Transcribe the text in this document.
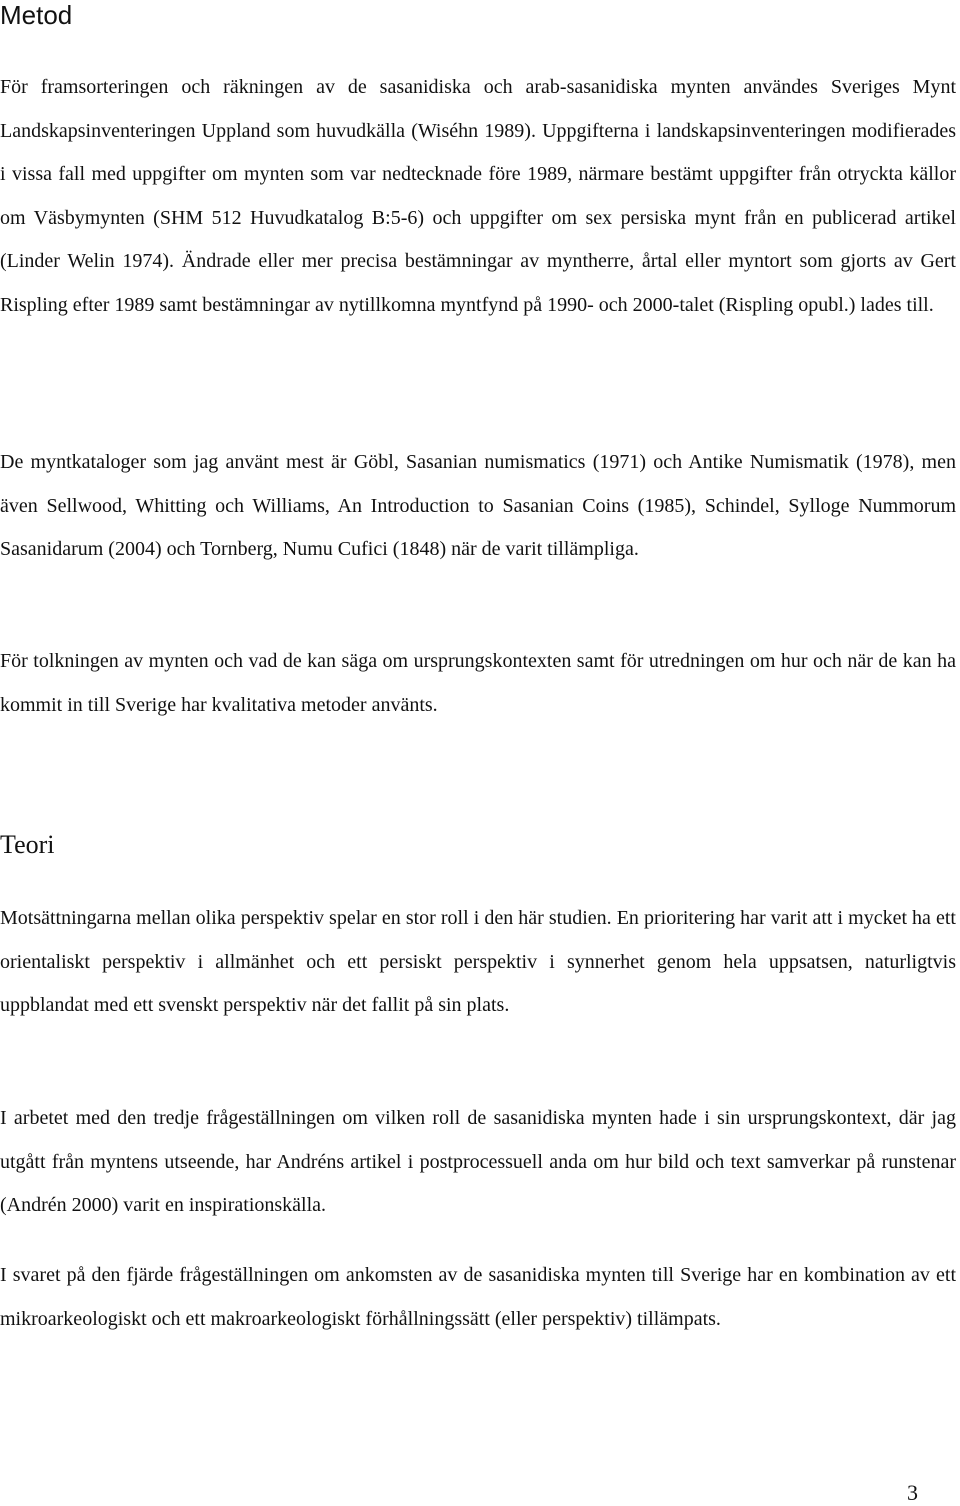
Metod

För framsorteringen och räkningen av de sasanidiska och arab-sasanidiska mynten användes Sveriges Mynt Landskapsinventeringen Uppland som huvudkälla (Wiséhn 1989). Uppgifterna i landskapsinventeringen modifierades i vissa fall med uppgifter om mynten som var nedtecknade före 1989, närmare bestämt uppgifter från otryckta källor om Väsbymynten (SHM 512 Huvudkatalog B:5-6) och uppgifter om sex persiska mynt från en publicerad artikel (Linder Welin 1974). Ändrade eller mer precisa bestämningar av myntherre, årtal eller myntort som gjorts av Gert Rispling efter 1989 samt bestämningar av nytillkomna myntfynd på 1990- och 2000-talet (Rispling opubl.) lades till.

De myntkataloger som jag använt mest är Göbl, Sasanian numismatics (1971) och Antike Numismatik (1978), men även Sellwood, Whitting och Williams, An Introduction to Sasanian Coins (1985), Schindel, Sylloge Nummorum Sasanidarum (2004) och Tornberg, Numu Cufici (1848) när de varit tillämpliga.

För tolkningen av mynten och vad de kan säga om ursprungskontexten samt för utredningen om hur och när de kan ha kommit in till Sverige har kvalitativa metoder använts.

Teori

Motsättningarna mellan olika perspektiv spelar en stor roll i den här studien. En prioritering har varit att i mycket ha ett orientaliskt perspektiv i allmänhet och ett persiskt perspektiv i synnerhet genom hela uppsatsen, naturligtvis uppblandat med ett svenskt perspektiv när det fallit på sin plats.

I arbetet med den tredje frågeställningen om vilken roll de sasanidiska mynten hade i sin ursprungskontext, där jag utgått från myntens utseende, har Andréns artikel i postprocessuell anda om hur bild och text samverkar på runstenar (Andrén 2000) varit en inspirationskälla.

I svaret på den fjärde frågeställningen om ankomsten av de sasanidiska mynten till Sverige har en kombination av ett mikroarkeologiskt och ett makroarkeologiskt förhållningssätt (eller perspektiv) tillämpats.

3
